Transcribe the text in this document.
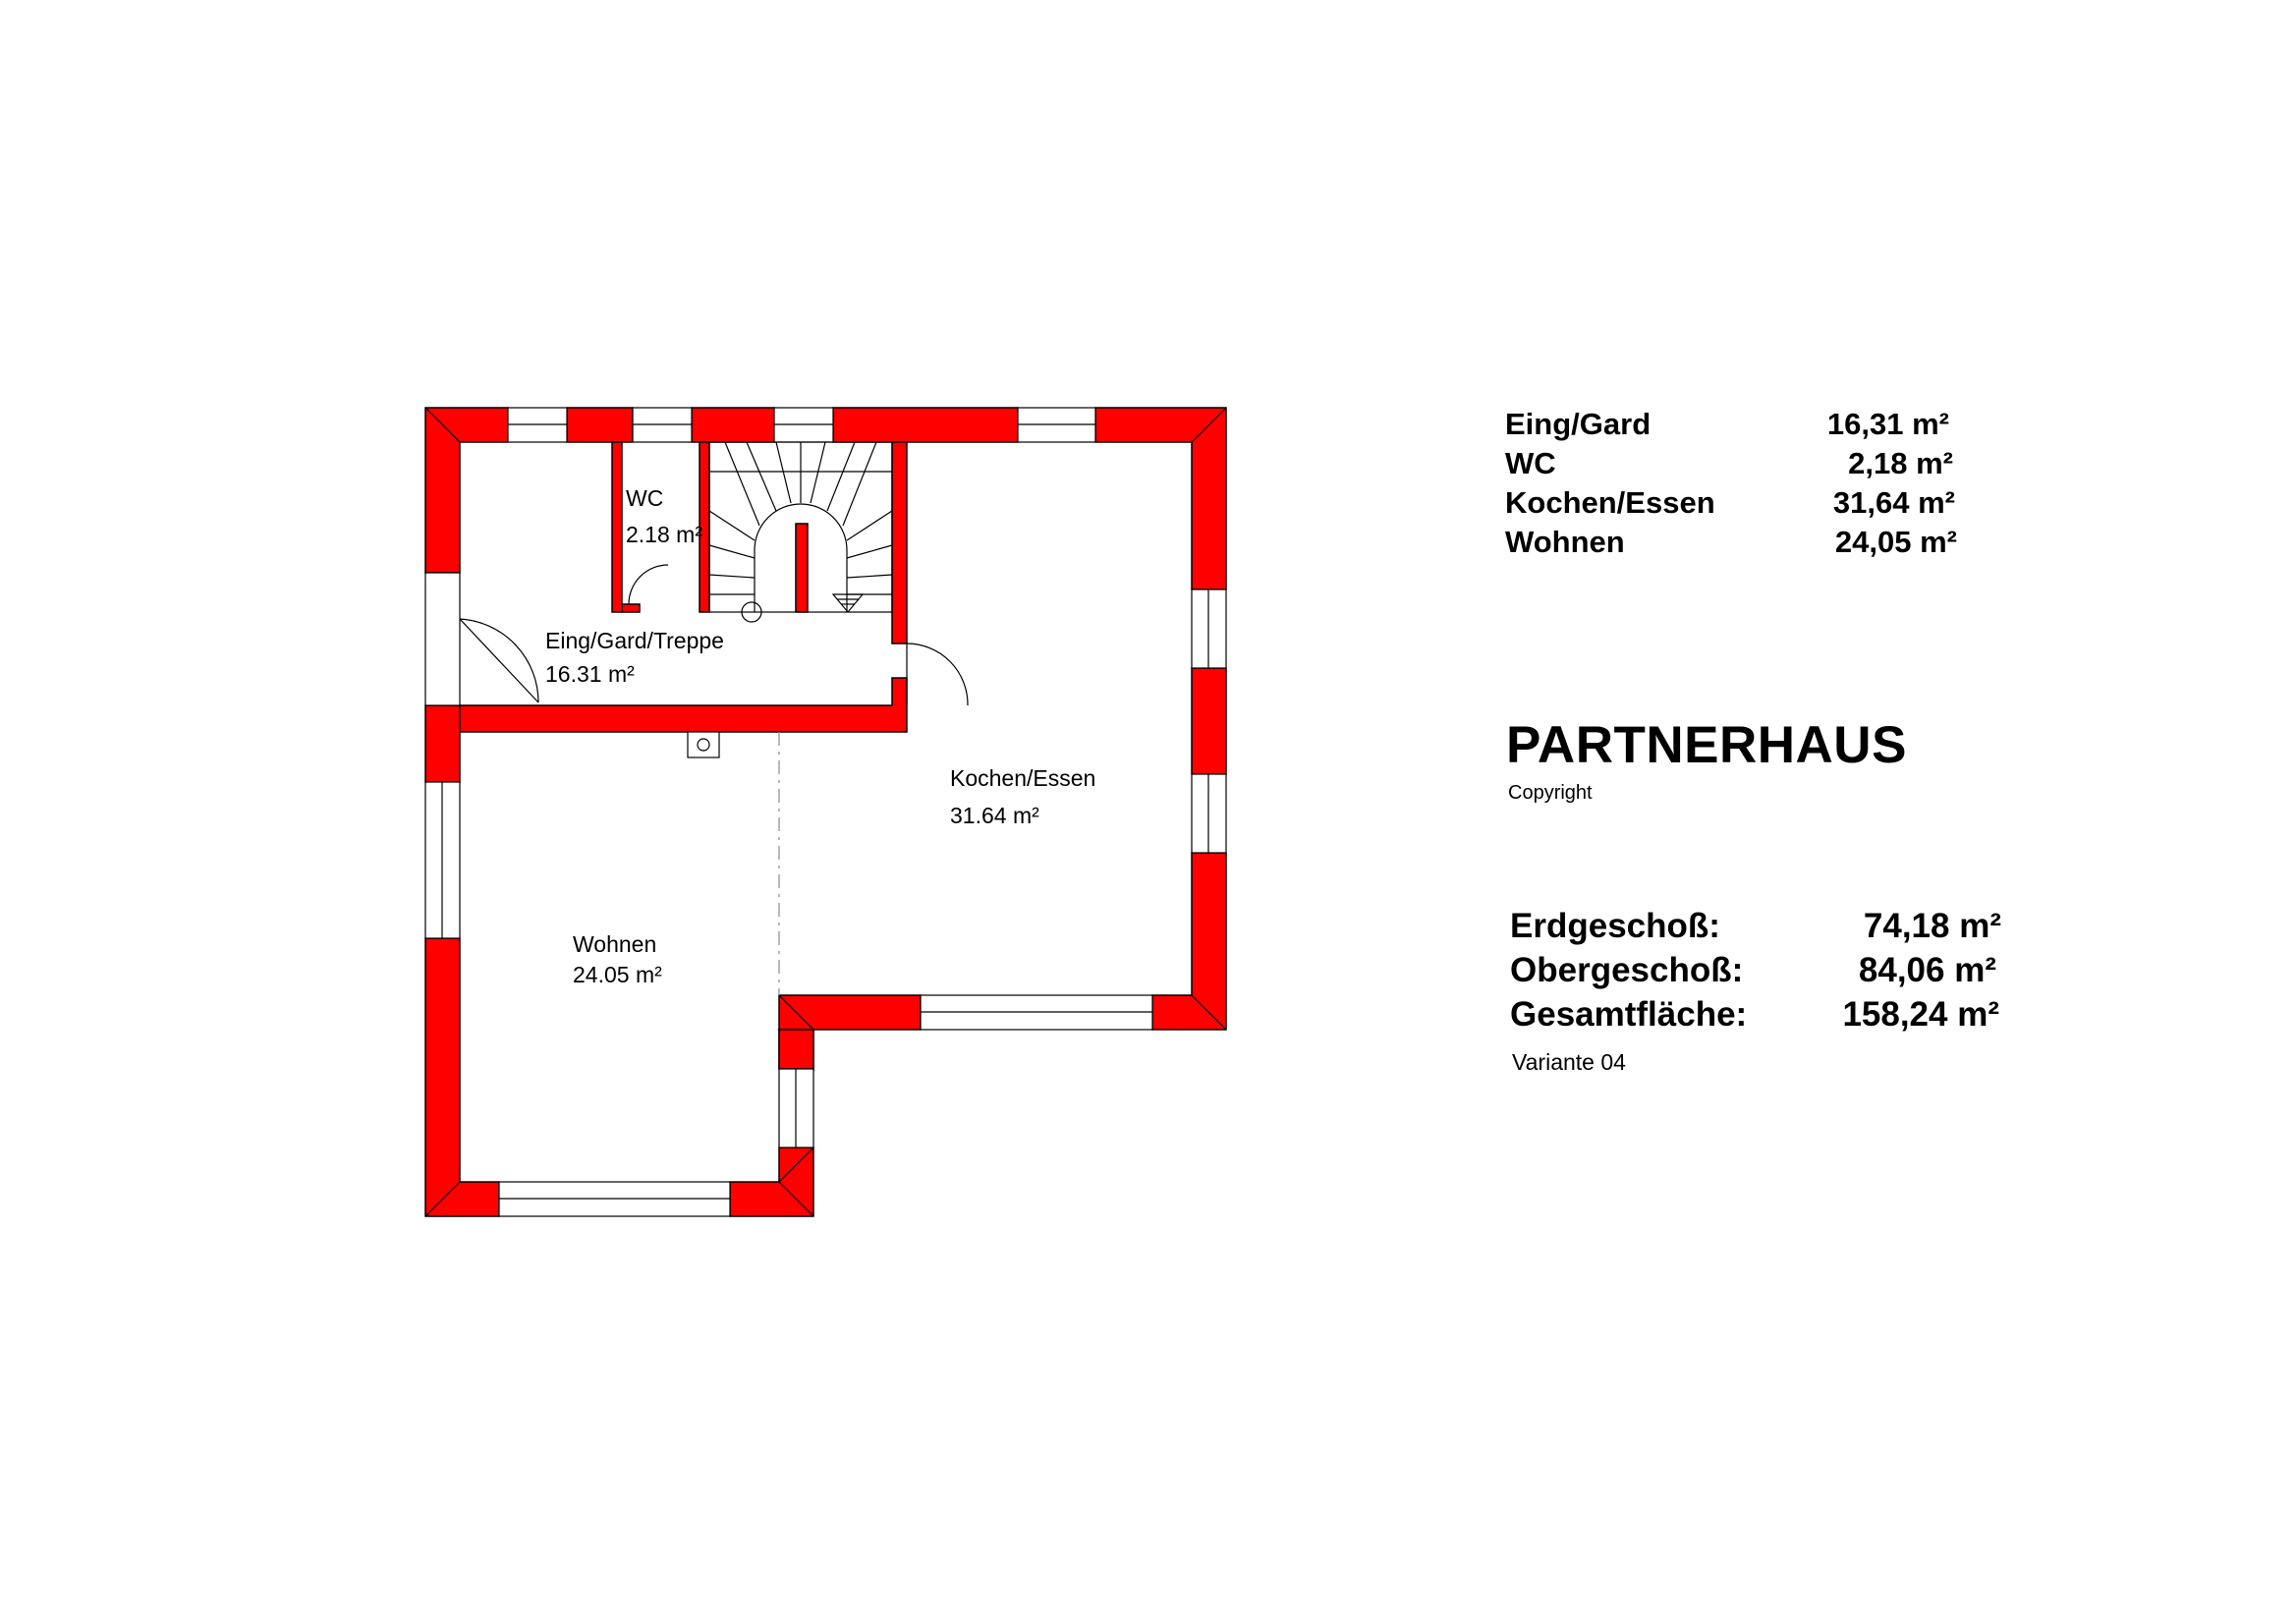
WC
2.18 m²
Eing/Gard/Treppe
16.31 m²
Kochen/Essen
31.64 m²
Wohnen
24.05 m²
Eing/Gard	16,31 m²
WC	2,18 m²
Kochen/Essen	31,64 m²
Wohnen	24,05 m²
PARTNERHAUS
Copyright
Erdgeschoß:	74,18 m²
Obergeschoß:	84,06 m²
Gesamtfläche:	158,24 m²
Variante 04
